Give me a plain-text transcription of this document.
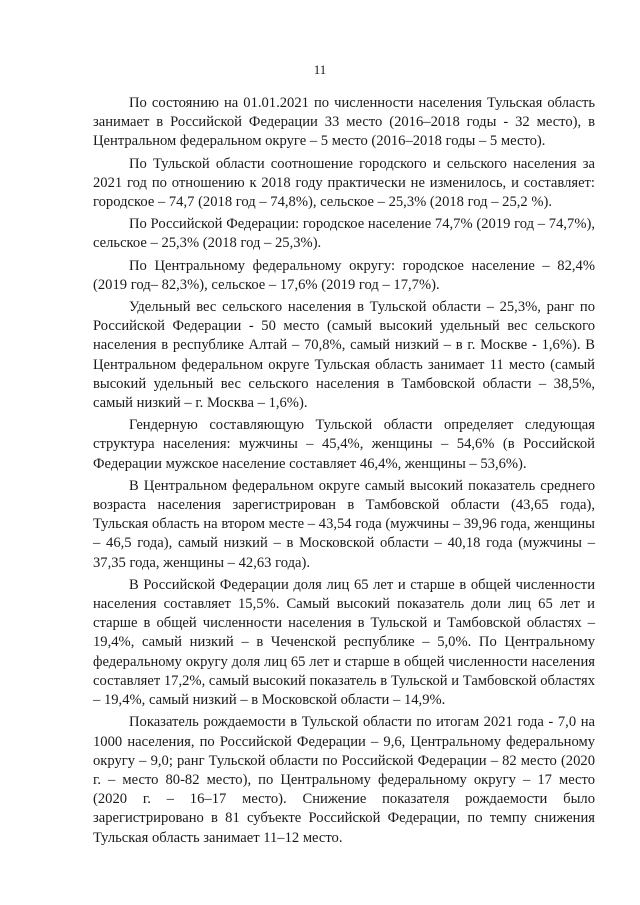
11

По состоянию на 01.01.2021 по численности населения Тульская область занимает в Российской Федерации 33 место (2016–2018 годы - 32 место), в Центральном федеральном округе – 5 место (2016–2018 годы – 5 место).

По Тульской области соотношение городского и сельского населения за 2021 год по отношению к 2018 году практически не изменилось, и составляет: городское – 74,7 (2018 год – 74,8%), сельское – 25,3% (2018 год – 25,2 %).

По Российской Федерации: городское население 74,7% (2019 год – 74,7%), сельское – 25,3% (2018 год – 25,3%).

По Центральному федеральному округу: городское население – 82,4% (2019 год– 82,3%), сельское – 17,6% (2019 год – 17,7%).

Удельный вес сельского населения в Тульской области – 25,3%, ранг по Российской Федерации - 50 место (самый высокий удельный вес сельского населения в республике Алтай – 70,8%, самый низкий – в г. Москве - 1,6%). В Центральном федеральном округе Тульская область занимает 11 место (самый высокий удельный вес сельского населения в Тамбовской области – 38,5%, самый низкий – г. Москва – 1,6%).

Гендерную составляющую Тульской области определяет следующая структура населения: мужчины – 45,4%, женщины – 54,6% (в Российской Федерации мужское население составляет 46,4%, женщины – 53,6%).

В Центральном федеральном округе самый высокий показатель среднего возраста населения зарегистрирован в Тамбовской области (43,65 года), Тульская область на втором месте – 43,54 года (мужчины – 39,96 года, женщины – 46,5 года), самый низкий – в Московской области – 40,18 года (мужчины – 37,35 года, женщины – 42,63 года).

В Российской Федерации доля лиц 65 лет и старше в общей численности населения составляет 15,5%. Самый высокий показатель доли лиц 65 лет и старше в общей численности населения в Тульской и Тамбовской областях – 19,4%, самый низкий – в Чеченской республике – 5,0%. По Центральному федеральному округу доля лиц 65 лет и старше в общей численности населения составляет 17,2%, самый высокий показатель в Тульской и Тамбовской областях – 19,4%, самый низкий – в Московской области – 14,9%.

Показатель рождаемости в Тульской области по итогам 2021 года - 7,0 на 1000 населения, по Российской Федерации – 9,6, Центральному федеральному округу – 9,0; ранг Тульской области по Российской Федерации – 82 место (2020 г. – место 80-82 место), по Центральному федеральному округу – 17 место (2020 г. – 16–17 место). Снижение показателя рождаемости было зарегистрировано в 81 субъекте Российской Федерации, по темпу снижения Тульская область занимает 11–12 место.
